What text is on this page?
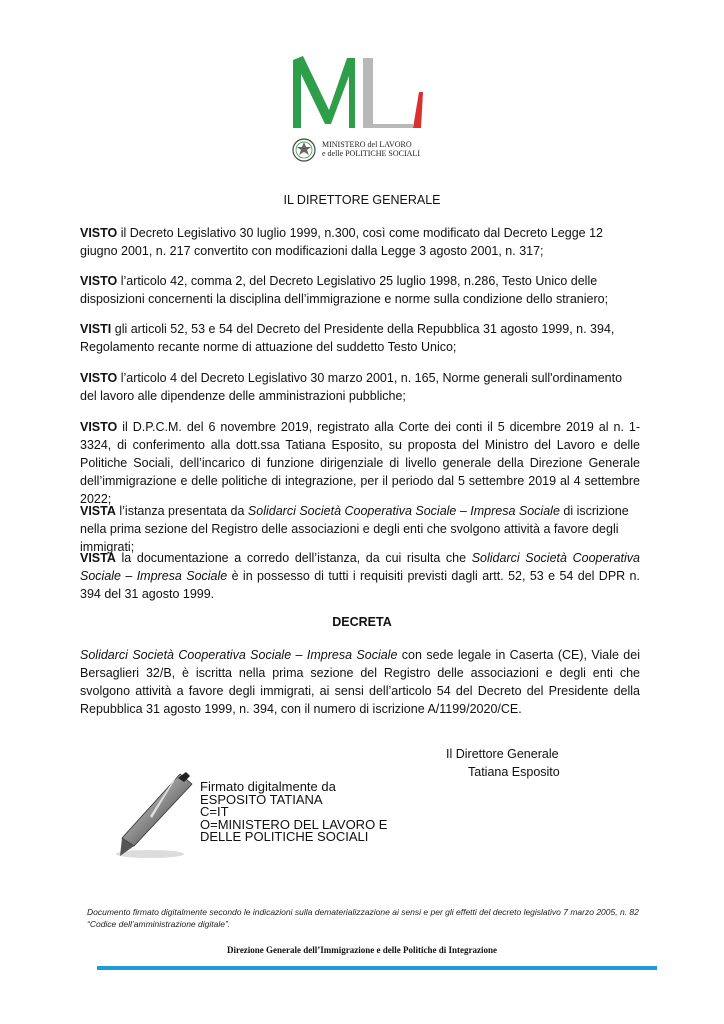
MINISTERO del LAVORO
e delle POLITICHE SOCIALI
IL DIRETTORE GENERALE

VISTO il Decreto Legislativo 30 luglio 1999, n.300, così come modificato dal Decreto Legge 12 giugno 2001, n. 217 convertito con modificazioni dalla Legge 3 agosto 2001, n. 317;

VISTO l’articolo 42, comma 2, del Decreto Legislativo 25 luglio 1998, n.286, Testo Unico delle disposizioni concernenti la disciplina dell’immigrazione e norme sulla condizione dello straniero;

VISTI gli articoli 52, 53 e 54 del Decreto del Presidente della Repubblica 31 agosto 1999, n. 394, Regolamento recante norme di attuazione del suddetto Testo Unico;

VISTO l’articolo 4 del Decreto Legislativo 30 marzo 2001, n. 165, Norme generali sull'ordinamento del lavoro alle dipendenze delle amministrazioni pubbliche;

VISTO il D.P.C.M. del 6 novembre 2019, registrato alla Corte dei conti il 5 dicembre 2019 al n. 1-3324, di conferimento alla dott.ssa Tatiana Esposito, su proposta del Ministro del Lavoro e delle Politiche Sociali, dell’incarico di funzione dirigenziale di livello generale della Direzione Generale dell’immigrazione e delle politiche di integrazione, per il periodo dal 5 settembre 2019 al 4 settembre 2022;

VISTA l’istanza presentata da Solidarci Società Cooperativa Sociale – Impresa Sociale di iscrizione nella prima sezione del Registro delle associazioni e degli enti che svolgono attività a favore degli immigrati;

VISTA la documentazione a corredo dell’istanza, da cui risulta che Solidarci Società Cooperativa Sociale – Impresa Sociale è in possesso di tutti i requisiti previsti dagli artt. 52, 53 e 54 del DPR n. 394 del 31 agosto 1999.

DECRETA

Solidarci Società Cooperativa Sociale – Impresa Sociale con sede legale in Caserta (CE), Viale dei Bersaglieri 32/B, è iscritta nella prima sezione del Registro delle associazioni e degli enti che svolgono attività a favore degli immigrati, ai sensi dell’articolo 54 del Decreto del Presidente della Repubblica 31 agosto 1999, n. 394, con il numero di iscrizione A/1199/2020/CE.

Il Direttore Generale
Tatiana Esposito
Firmato digitalmente da
ESPOSITO TATIANA
C=IT
O=MINISTERO DEL LAVORO E
DELLE POLITICHE SOCIALI
Documento firmato digitalmente secondo le indicazioni sulla dematerializzazione ai sensi e per gli effetti del decreto legislativo 7 marzo 2005, n. 82
“Codice dell’amministrazione digitale”.
Direzione Generale dell’Immigrazione e delle Politiche di Integrazione
